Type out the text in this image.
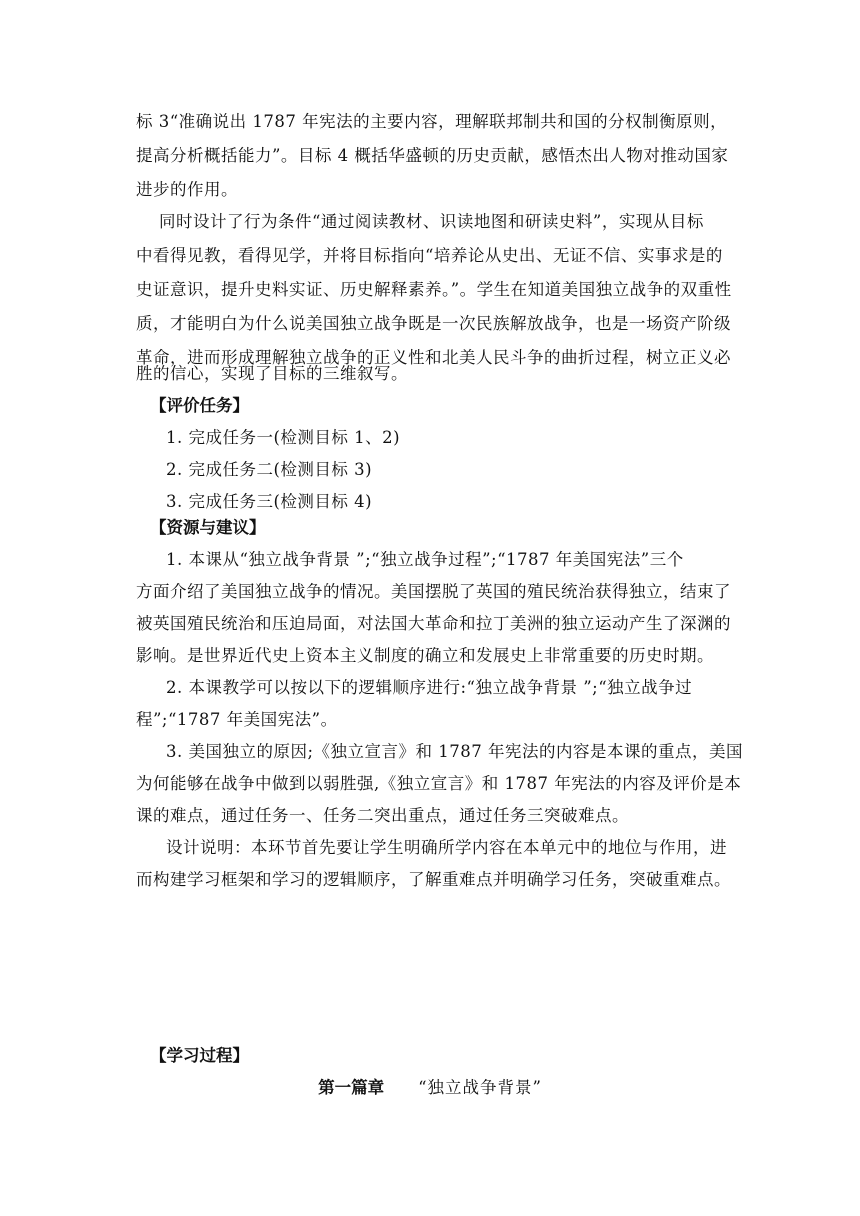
标 3“准确说出 1787 年宪法的主要内容，理解联邦制共和国的分权制衡原则，
提高分析概括能力”。目标 4 概括华盛顿的历史贡献，感悟杰出人物对推动国家
进步的作用。
同时设计了行为条件“通过阅读教材、识读地图和研读史料”，实现从目标
中看得见教，看得见学，并将目标指向“培养论从史出、无证不信、实事求是的
史证意识，提升史料实证、历史解释素养。”。学生在知道美国独立战争的双重性
质，才能明白为什么说美国独立战争既是一次民族解放战争，也是一场资产阶级
革命，进而形成理解独立战争的正义性和北美人民斗争的曲折过程，树立正义必
胜的信心，实现了目标的三维叙写。
【评价任务】
1. 完成任务一(检测目标 1、2)
2. 完成任务二(检测目标 3)
3. 完成任务三(检测目标 4)
【资源与建议】
1. 本课从“独立战争背景 ”;“独立战争过程”;“1787 年美国宪法”三个
方面介绍了美国独立战争的情况。美国摆脱了英国的殖民统治获得独立，结束了
被英国殖民统治和压迫局面，对法国大革命和拉丁美洲的独立运动产生了深渊的
影响。是世界近代史上资本主义制度的确立和发展史上非常重要的历史时期。
2. 本课教学可以按以下的逻辑顺序进行:“独立战争背景 ”;“独立战争过
程”;“1787 年美国宪法”。
3. 美国独立的原因;《独立宣言》和 1787 年宪法的内容是本课的重点，美国
为何能够在战争中做到以弱胜强,《独立宣言》和 1787 年宪法的内容及评价是本
课的难点，通过任务一、任务二突出重点，通过任务三突破难点。
设计说明：本环节首先要让学生明确所学内容在本单元中的地位与作用，进
而构建学习框架和学习的逻辑顺序，了解重难点并明确学习任务，突破重难点。
【学习过程】
第一篇章 “独立战争背景”
